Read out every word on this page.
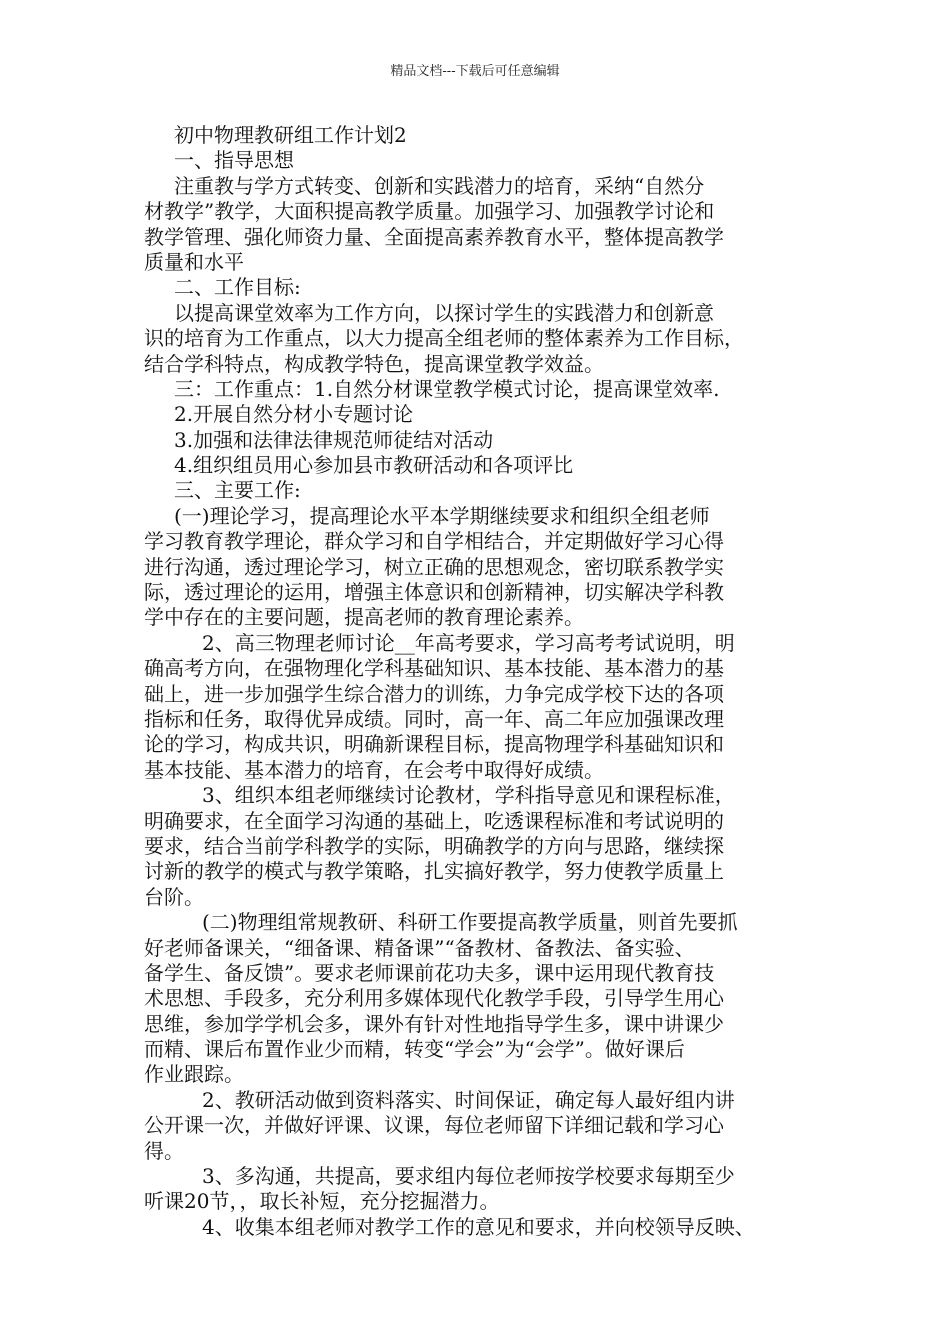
精品文档---下载后可任意编辑
初中物理教研组工作计划2
一、指导思想
注重教与学方式转变、创新和实践潜力的培育，采纳“自然分
材教学”教学，大面积提高教学质量。加强学习、加强教学讨论和
教学管理、强化师资力量、全面提高素养教育水平，整体提高教学
质量和水平
二、工作目标:
以提高课堂效率为工作方向，以探讨学生的实践潜力和创新意
识的培育为工作重点，以大力提高全组老师的整体素养为工作目标，
结合学科特点，构成教学特色，提高课堂教学效益。
三：工作重点：1.自然分材课堂教学模式讨论，提高课堂效率.
2.开展自然分材小专题讨论
3.加强和法律法律规范师徒结对活动
4.组织组员用心参加县市教研活动和各项评比
三、主要工作:
(一)理论学习，提高理论水平本学期继续要求和组织全组老师
学习教育教学理论，群众学习和自学相结合，并定期做好学习心得
进行沟通，透过理论学习，树立正确的思想观念，密切联系教学实
际，透过理论的运用，增强主体意识和创新精神，切实解决学科教
学中存在的主要问题，提高老师的教育理论素养。
2、高三物理老师讨论__年高考要求，学习高考考试说明，明
确高考方向，在强物理化学科基础知识、基本技能、基本潜力的基
础上，进一步加强学生综合潜力的训练，力争完成学校下达的各项
指标和任务，取得优异成绩。同时，高一年、高二年应加强课改理
论的学习，构成共识，明确新课程目标，提高物理学科基础知识和
基本技能、基本潜力的培育，在会考中取得好成绩。
3、组织本组老师继续讨论教材，学科指导意见和课程标准，
明确要求，在全面学习沟通的基础上，吃透课程标准和考试说明的
要求，结合当前学科教学的实际，明确教学的方向与思路，继续探
讨新的教学的模式与教学策略，扎实搞好教学，努力使教学质量上
台阶。
(二)物理组常规教研、科研工作要提高教学质量，则首先要抓
好老师备课关，“细备课、精备课”“备教材、备教法、备实验、
备学生、备反馈”。要求老师课前花功夫多，课中运用现代教育技
术思想、手段多，充分利用多媒体现代化教学手段，引导学生用心
思维，参加学学机会多，课外有针对性地指导学生多，课中讲课少
而精、课后布置作业少而精，转变“学会”为“会学”。做好课后
作业跟踪。
2、教研活动做到资料落实、时间保证，确定每人最好组内讲
公开课一次，并做好评课、议课，每位老师留下详细记载和学习心
得。
3、多沟通，共提高，要求组内每位老师按学校要求每期至少
听课20节，，取长补短，充分挖掘潜力。
4、收集本组老师对教学工作的意见和要求，并向校领导反映、
